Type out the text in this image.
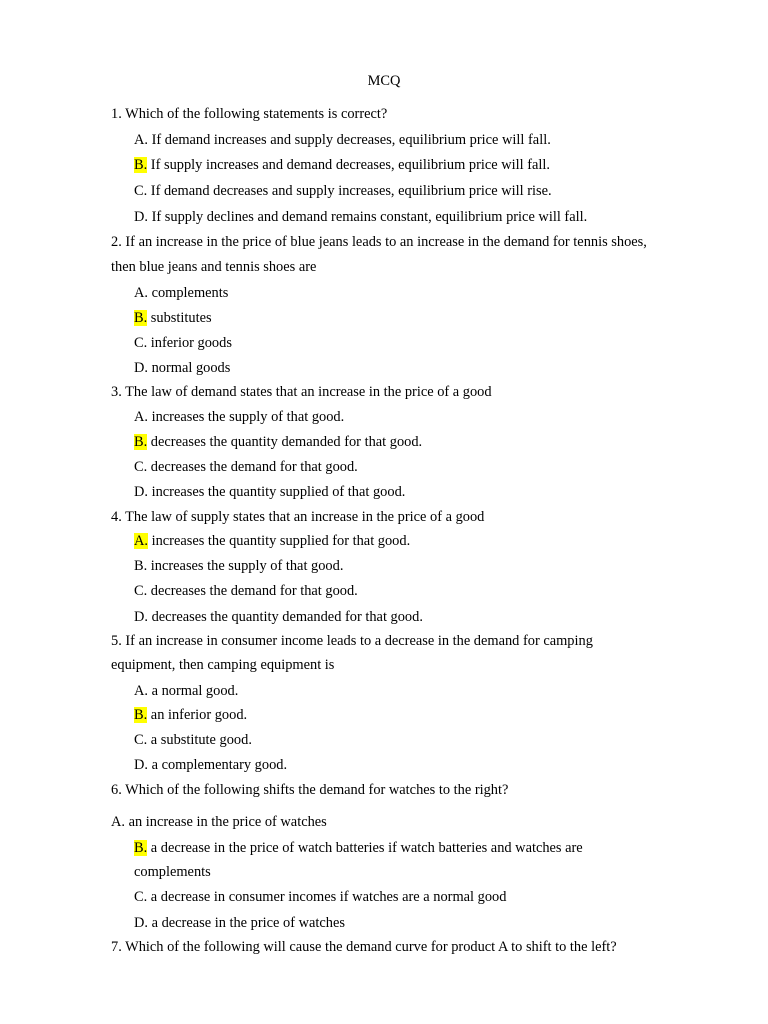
MCQ
1. Which of the following statements is correct?
A. If demand increases and supply decreases, equilibrium price will fall.
B. If supply increases and demand decreases, equilibrium price will fall.
C. If demand decreases and supply increases, equilibrium price will rise.
D. If supply declines and demand remains constant, equilibrium price will fall.
2. If an increase in the price of blue jeans leads to an increase in the demand for tennis shoes,
then blue jeans and tennis shoes are
A. complements
B. substitutes
C. inferior goods
D. normal goods
3. The law of demand states that an increase in the price of a good
A. increases the supply of that good.
B. decreases the quantity demanded for that good.
C. decreases the demand for that good.
D. increases the quantity supplied of that good.
4. The law of supply states that an increase in the price of a good
A. increases the quantity supplied for that good.
B. increases the supply of that good.
C. decreases the demand for that good.
D. decreases the quantity demanded for that good.
5. If an increase in consumer income leads to a decrease in the demand for camping
equipment, then camping equipment is
A. a normal good.
B. an inferior good.
C. a substitute good.
D. a complementary good.
6. Which of the following shifts the demand for watches to the right?
A. an increase in the price of watches
B. a decrease in the price of watch batteries if watch batteries and watches are
complements
C. a decrease in consumer incomes if watches are a normal good
D. a decrease in the price of watches
7. Which of the following will cause the demand curve for product A to shift to the left?
